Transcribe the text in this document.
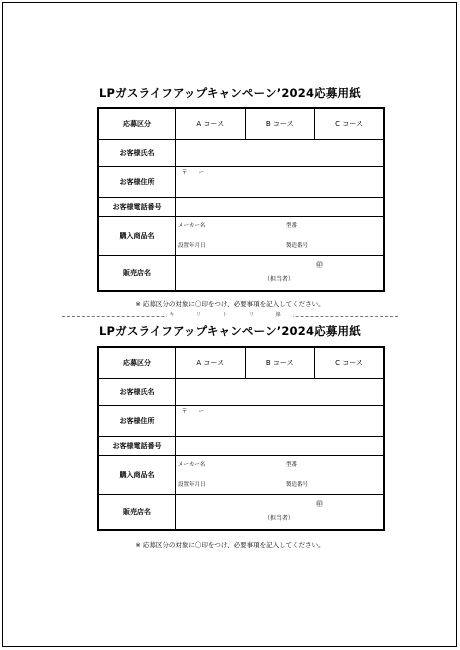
LPガスライフアップキャンペーン’2024応募用紙
応募区分	A コース	B コース	C コース
お客様氏名			
お客様住所	〒　　ー		

お客様電話番号			
購入商品名	メーカー名 型番
設置年月日 製造番号		

販売店名	㊞
（担当者）		
※ 応募区分の対象に〇印をつけ、必要事項を記入してください。
キ リ ト リ 線
LPガスライフアップキャンペーン’2024応募用紙
応募区分	A コース	B コース	C コース
お客様氏名			
お客様住所	〒　　ー		

お客様電話番号			
購入商品名	メーカー名 型番
設置年月日 製造番号		

販売店名	㊞
（担当者）		
※ 応募区分の対象に〇印をつけ、必要事項を記入してください。
